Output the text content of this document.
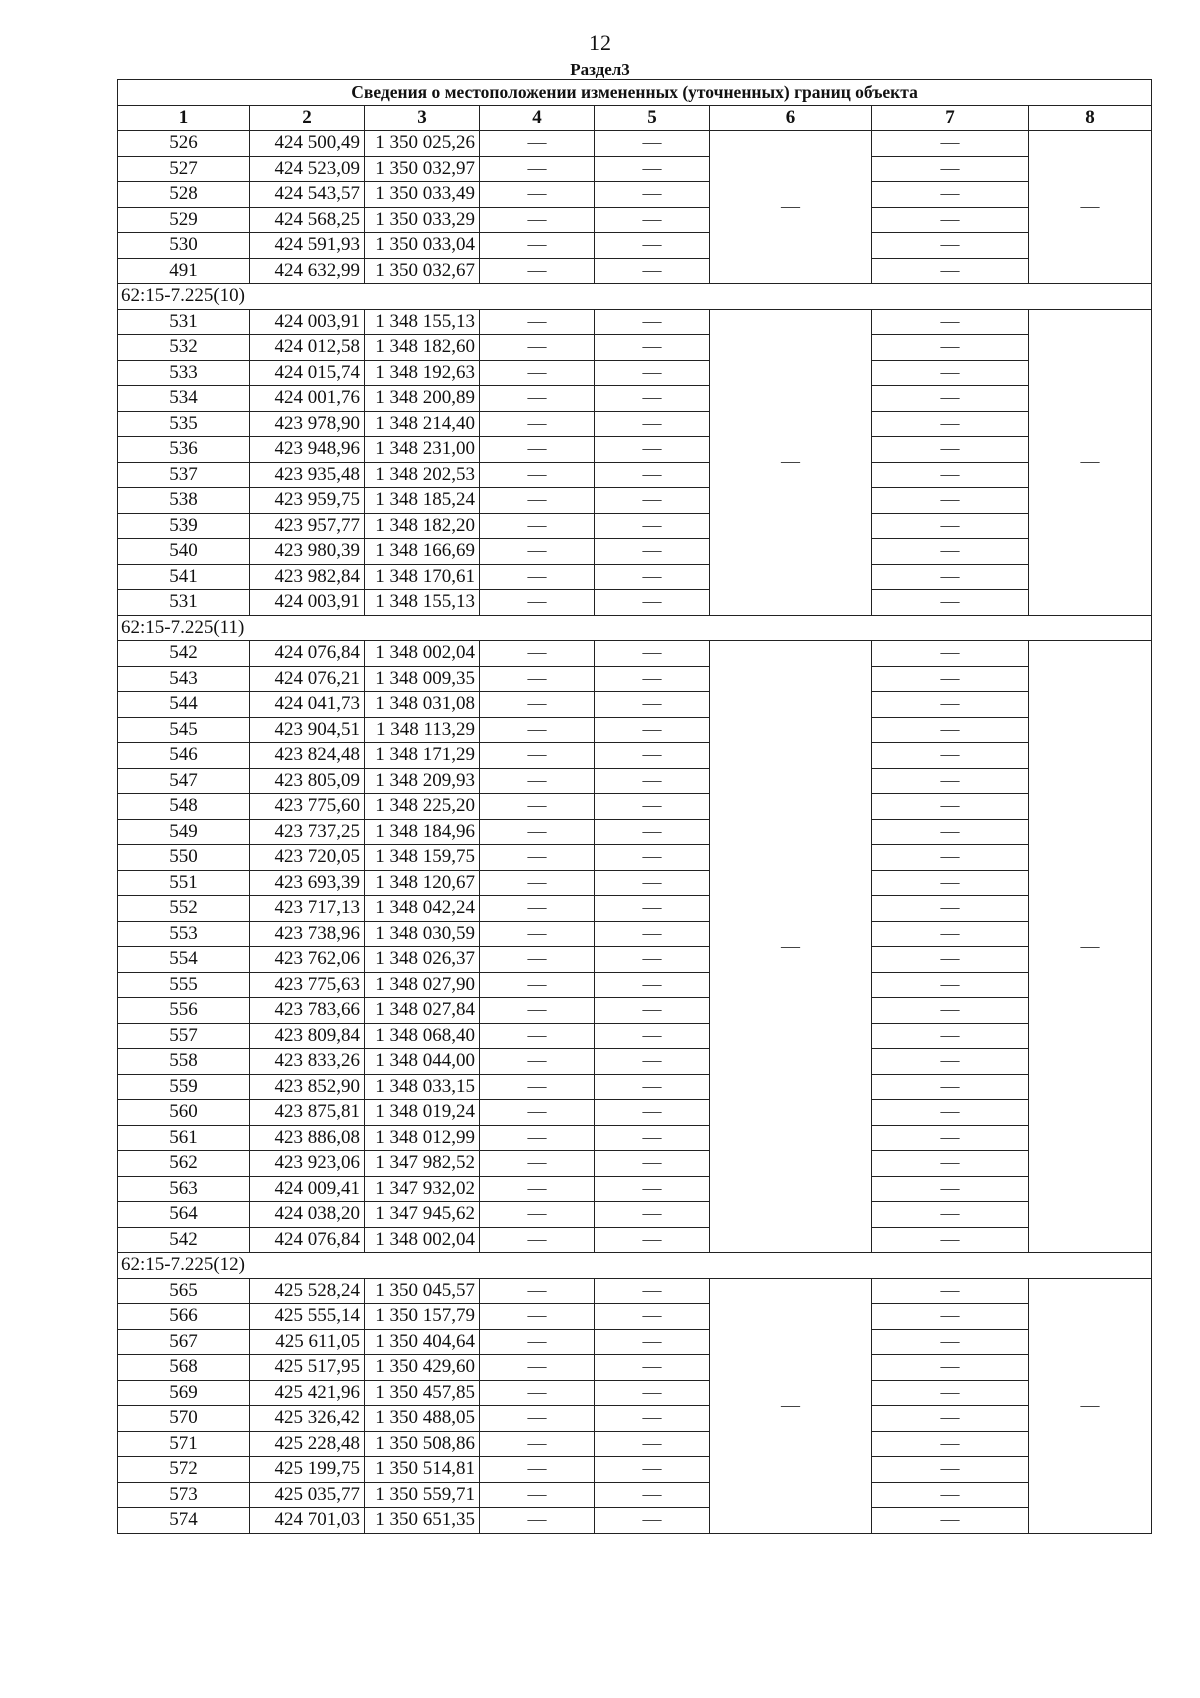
12
Раздел3
Сведения о местоположении измененных (уточненных) границ объекта							
1	2	3	4	5	6	7	8
526	424 500,49	1 350 025,26	—	—	—	—	—
527	424 523,09	1 350 032,97	—	—		—	
528	424 543,57	1 350 033,49	—	—		—	
529	424 568,25	1 350 033,29	—	—		—	
530	424 591,93	1 350 033,04	—	—		—	
491	424 632,99	1 350 032,67	—	—		—	
62:15-7.225(10)							
531	424 003,91	1 348 155,13	—	—	—	—	—
532	424 012,58	1 348 182,60	—	—		—	
533	424 015,74	1 348 192,63	—	—		—	
534	424 001,76	1 348 200,89	—	—		—	
535	423 978,90	1 348 214,40	—	—		—	
536	423 948,96	1 348 231,00	—	—		—	
537	423 935,48	1 348 202,53	—	—		—	
538	423 959,75	1 348 185,24	—	—		—	
539	423 957,77	1 348 182,20	—	—		—	
540	423 980,39	1 348 166,69	—	—		—	
541	423 982,84	1 348 170,61	—	—		—	
531	424 003,91	1 348 155,13	—	—		—	
62:15-7.225(11)							
542	424 076,84	1 348 002,04	—	—	—	—	—
543	424 076,21	1 348 009,35	—	—		—	
544	424 041,73	1 348 031,08	—	—		—	
545	423 904,51	1 348 113,29	—	—		—	
546	423 824,48	1 348 171,29	—	—		—	
547	423 805,09	1 348 209,93	—	—		—	
548	423 775,60	1 348 225,20	—	—		—	
549	423 737,25	1 348 184,96	—	—		—	
550	423 720,05	1 348 159,75	—	—		—	
551	423 693,39	1 348 120,67	—	—		—	
552	423 717,13	1 348 042,24	—	—		—	
553	423 738,96	1 348 030,59	—	—		—	
554	423 762,06	1 348 026,37	—	—		—	
555	423 775,63	1 348 027,90	—	—		—	
556	423 783,66	1 348 027,84	—	—		—	
557	423 809,84	1 348 068,40	—	—		—	
558	423 833,26	1 348 044,00	—	—		—	
559	423 852,90	1 348 033,15	—	—		—	
560	423 875,81	1 348 019,24	—	—		—	
561	423 886,08	1 348 012,99	—	—		—	
562	423 923,06	1 347 982,52	—	—		—	
563	424 009,41	1 347 932,02	—	—		—	
564	424 038,20	1 347 945,62	—	—		—	
542	424 076,84	1 348 002,04	—	—		—	
62:15-7.225(12)							
565	425 528,24	1 350 045,57	—	—	—	—	—
566	425 555,14	1 350 157,79	—	—		—	
567	425 611,05	1 350 404,64	—	—		—	
568	425 517,95	1 350 429,60	—	—		—	
569	425 421,96	1 350 457,85	—	—		—	
570	425 326,42	1 350 488,05	—	—		—	
571	425 228,48	1 350 508,86	—	—		—	
572	425 199,75	1 350 514,81	—	—		—	
573	425 035,77	1 350 559,71	—	—		—	
574	424 701,03	1 350 651,35	—	—		—	
